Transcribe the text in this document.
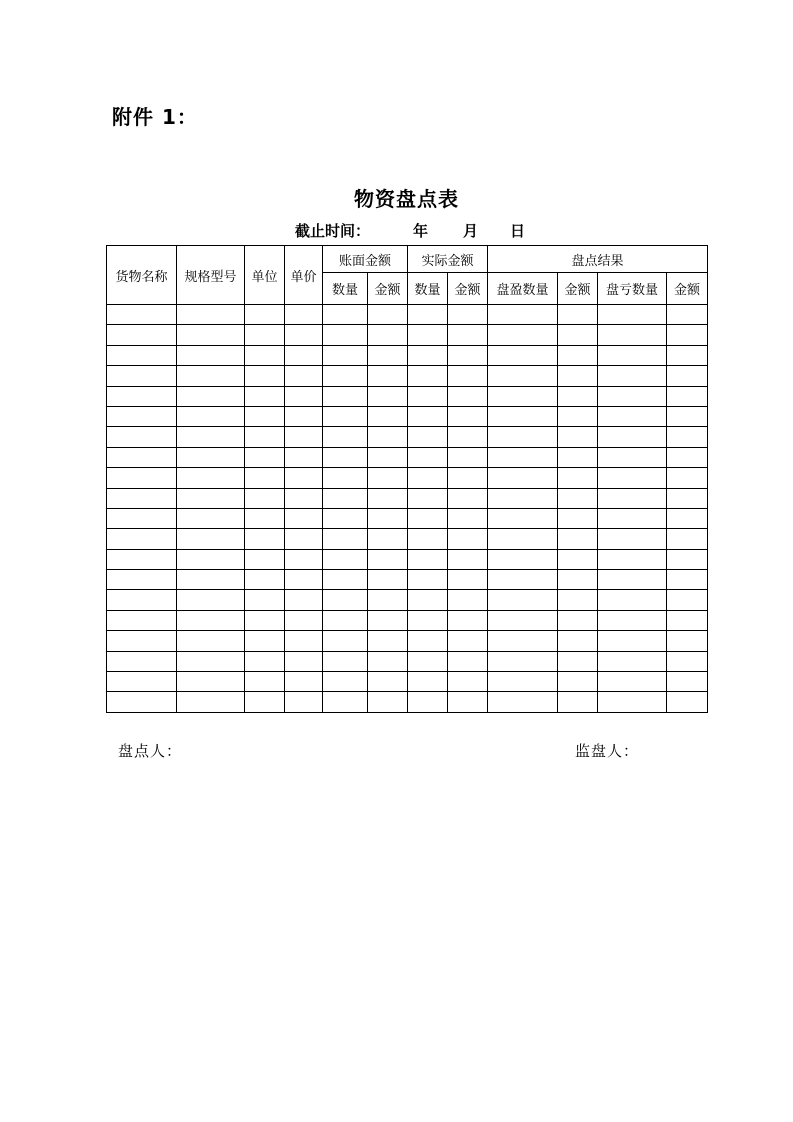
附件 1：
物资盘点表
截止时间：	年 月 日
货物名称	规格型号	单位	单价	账面金额		实际金额		盘点结果			
				数量	金额	数量	金额	盘盈数量	金额	盘亏数量	金额

盘点人：	监盘人：
